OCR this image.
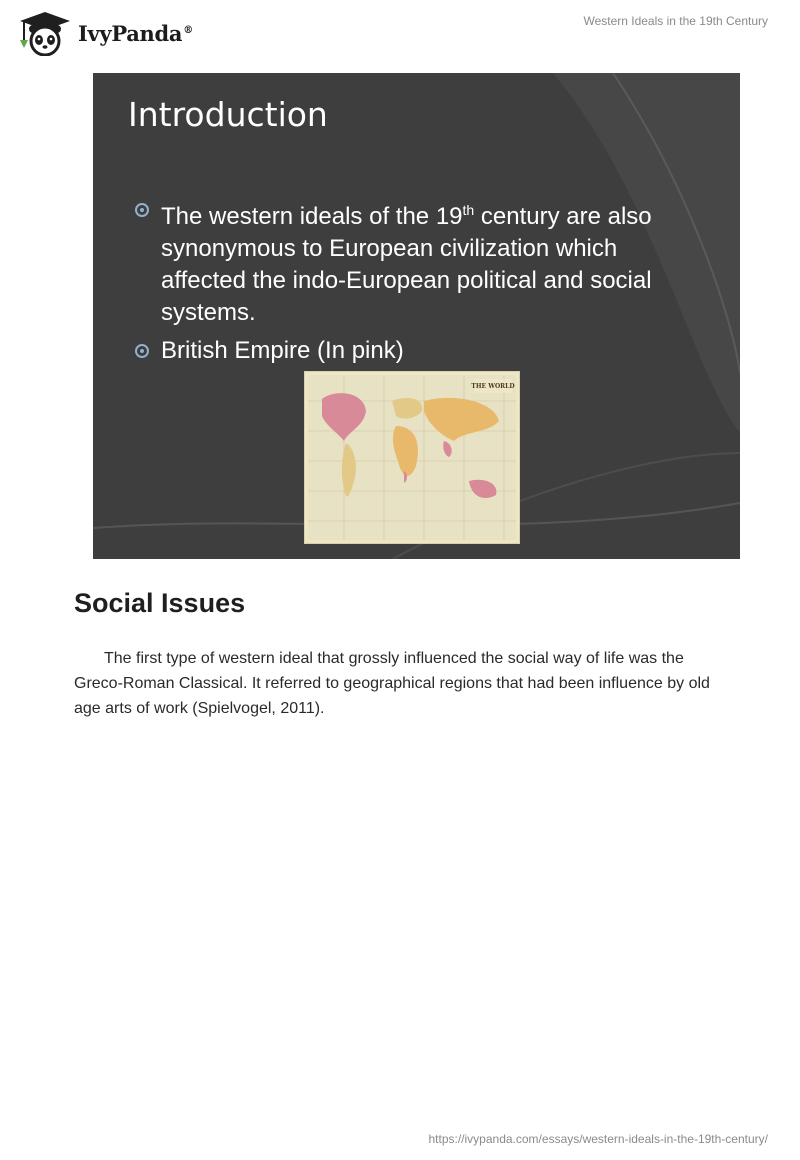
IvyPanda®
Western Ideals in the 19th Century
Introduction
The western ideals of the 19th century are also synonymous to European civilization which affected the indo-European political and social systems.
British Empire (In pink)
THE WORLD
Social Issues

The first type of western ideal that grossly influenced the social way of life was the Greco-Roman Classical. It referred to geographical regions that had been influence by old age arts of work (Spielvogel, 2011).

https://ivypanda.com/essays/western-ideals-in-the-19th-century/
